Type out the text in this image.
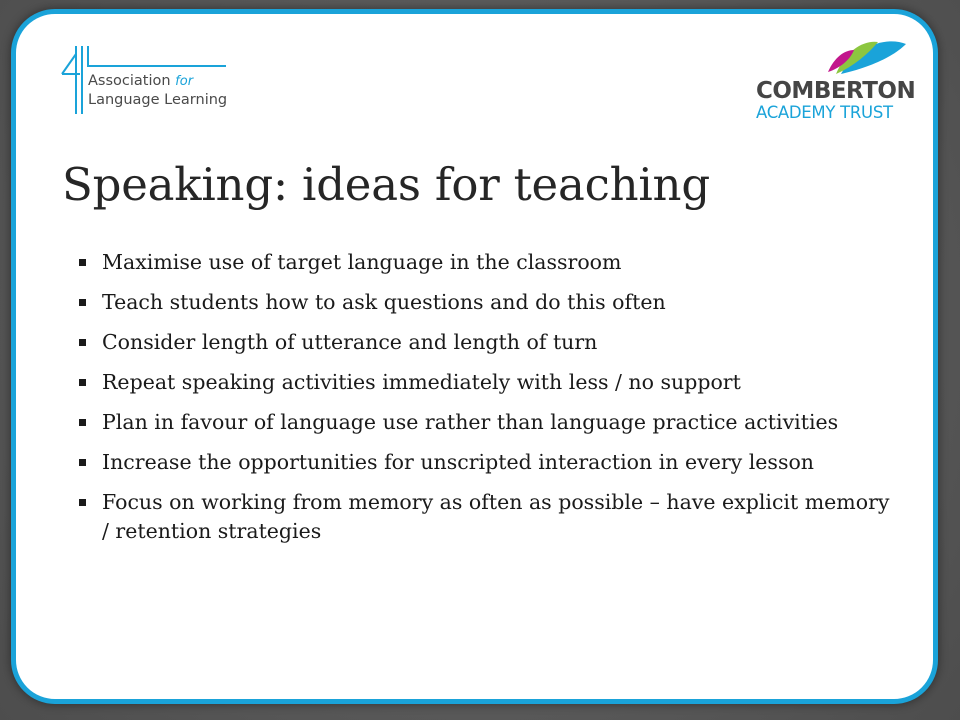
Association for
Language Learning	COMBERTON
ACADEMY TRUST
Speaking: ideas for teaching
Maximise use of target language in the classroom
Teach students how to ask questions and do this often
Consider length of utterance and length of turn
Repeat speaking activities immediately with less / no support
Plan in favour of language use rather than language practice activities
Increase the opportunities for unscripted interaction in every lesson
Focus on working from memory as often as possible – have explicit memory / retention strategies
